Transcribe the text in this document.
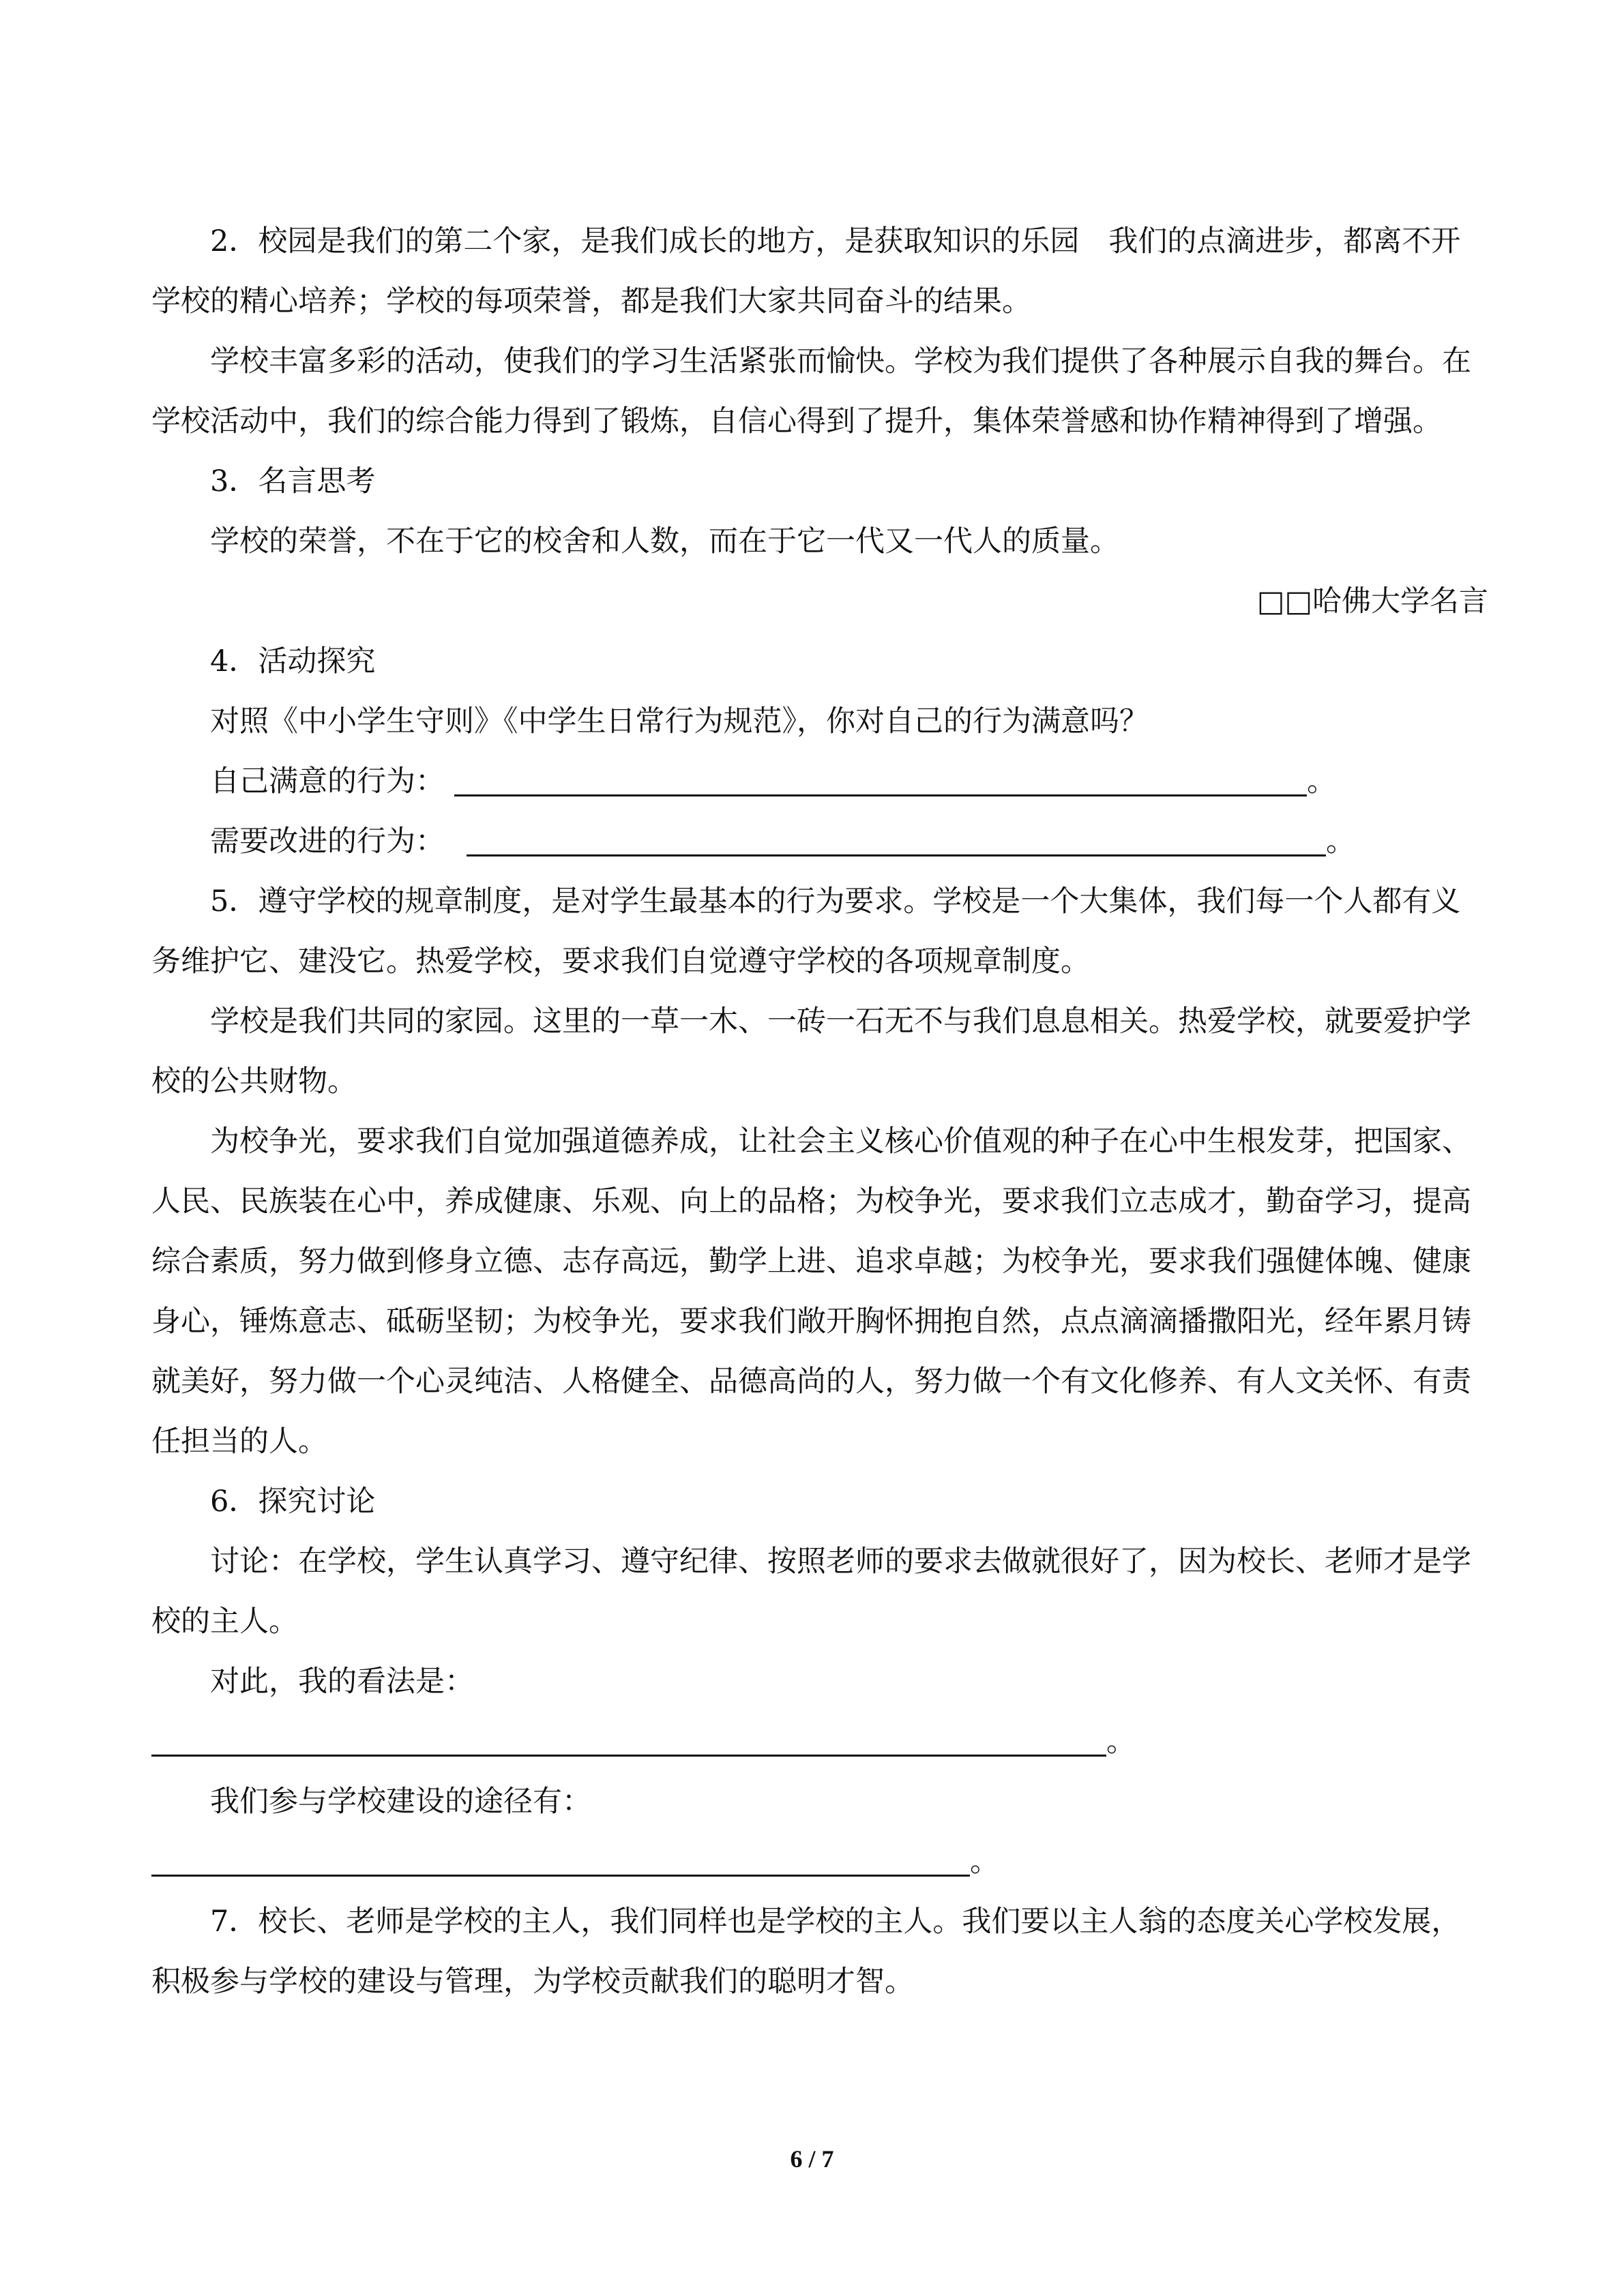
2．校园是我们的第二个家，是我们成长的地方，是获取知识的乐园　我们的点滴进步，都离不开学校的精心培养；学校的每项荣誉，都是我们大家共同奋斗的结果。

学校丰富多彩的活动，使我们的学习生活紧张而愉快。学校为我们提供了各种展示自我的舞台。在学校活动中，我们的综合能力得到了锻炼，自信心得到了提升，集体荣誉感和协作精神得到了增强。

3．名言思考

学校的荣誉，不在于它的校舍和人数，而在于它一代又一代人的质量。

□□哈佛大学名言

4．活动探究

对照《中小学生守则》《中学生日常行为规范》，你对自己的行为满意吗？

自己满意的行为：	。
需要改进的行为：	。

5．遵守学校的规章制度，是对学生最基本的行为要求。学校是一个大集体，我们每一个人都有义务维护它、建没它。热爱学校，要求我们自觉遵守学校的各项规章制度。

学校是我们共同的家园。这里的一草一木、一砖一石无不与我们息息相关。热爱学校，就要爱护学校的公共财物。

为校争光，要求我们自觉加强道德养成，让社会主义核心价值观的种子在心中生根发芽，把国家、人民、民族装在心中，养成健康、乐观、向上的品格；为校争光，要求我们立志成才，勤奋学习，提高综合素质，努力做到修身立德、志存高远，勤学上进、追求卓越；为校争光，要求我们强健体魄、健康身心，锤炼意志、砥砺坚韧；为校争光，要求我们敞开胸怀拥抱自然，点点滴滴播撒阳光，经年累月铸就美好，努力做一个心灵纯洁、人格健全、品德高尚的人，努力做一个有文化修养、有人文关怀、有责任担当的人。

6．探究讨论

讨论：在学校，学生认真学习、遵守纪律、按照老师的要求去做就很好了，因为校长、老师才是学校的主人。

对此，我的看法是：

。

我们参与学校建设的途径有：

。

7．校长、老师是学校的主人，我们同样也是学校的主人。我们要以主人翁的态度关心学校发展，积极参与学校的建设与管理，为学校贡献我们的聪明才智。

6 / 7
